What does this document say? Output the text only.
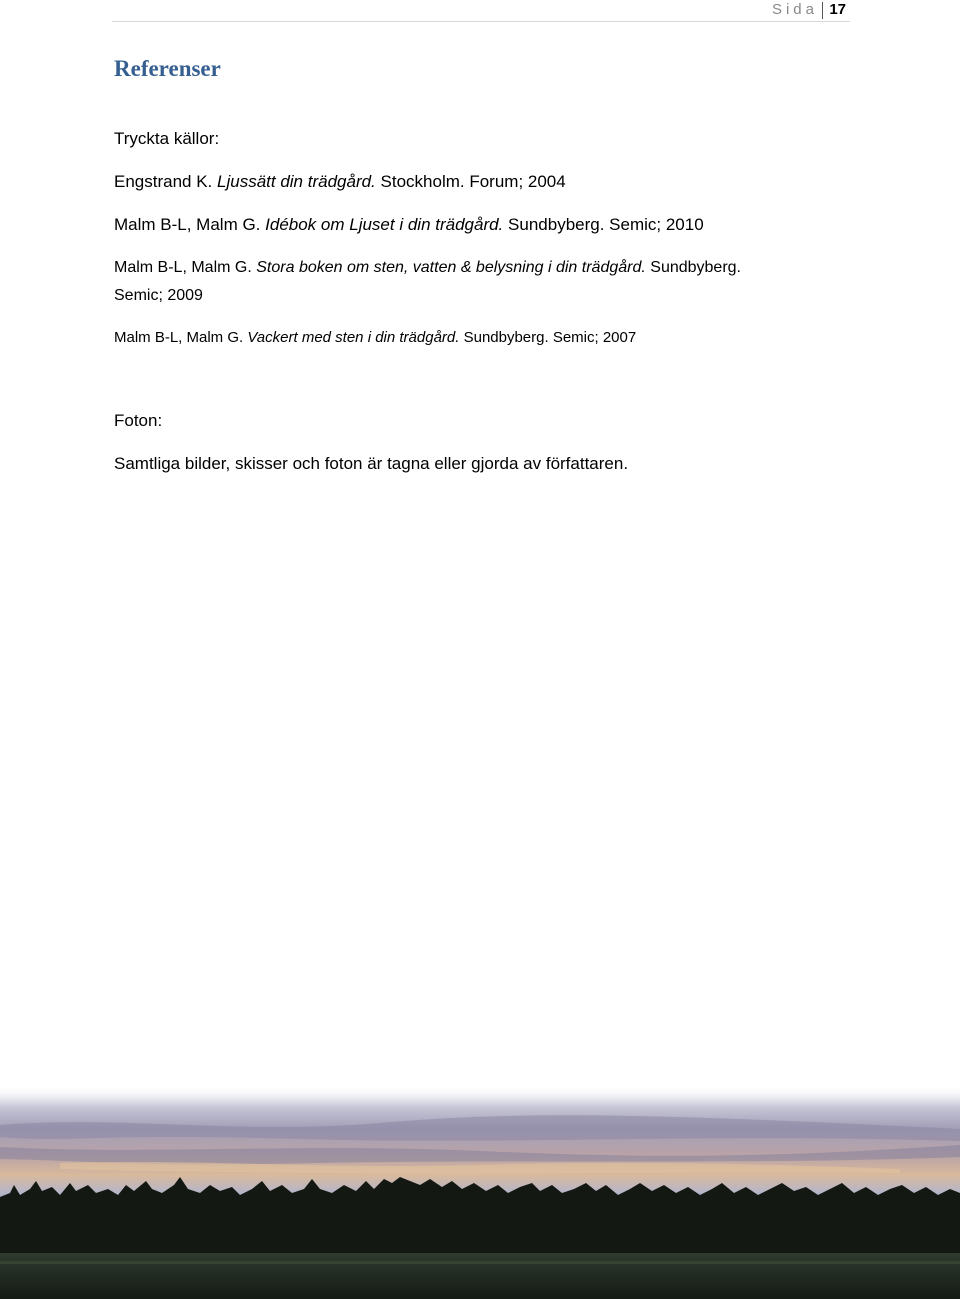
Sida 17
Referenser
Tryckta källor:
Engstrand K. Ljussätt din trädgård. Stockholm. Forum; 2004
Malm B-L, Malm G. Idébok om Ljuset i din trädgård. Sundbyberg. Semic; 2010
Malm B-L, Malm G. Stora boken om sten, vatten & belysning i din trädgård. Sundbyberg.
Semic; 2009
Malm B-L, Malm G. Vackert med sten i din trädgård. Sundbyberg. Semic; 2007
Foton:
Samtliga bilder, skisser och foton är tagna eller gjorda av författaren.
